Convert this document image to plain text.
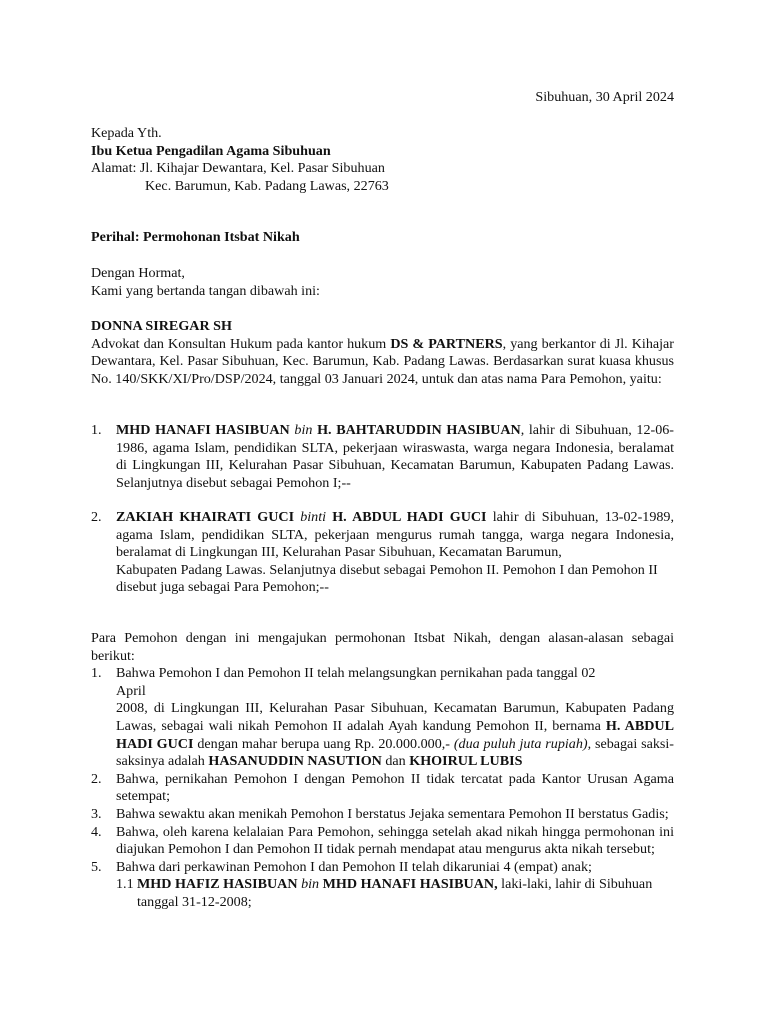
Sibuhuan, 30 April 2024

Kepada Yth.

Ibu Ketua Pengadilan Agama Sibuhuan

Alamat: Jl. Kihajar Dewantara, Kel. Pasar Sibuhuan

Kec. Barumun, Kab. Padang Lawas, 22763

Perihal: Permohonan Itsbat Nikah

Dengan Hormat,

Kami yang bertanda tangan dibawah ini:

DONNA SIREGAR SH

Advokat dan Konsultan Hukum pada kantor hukum DS & PARTNERS, yang berkantor di Jl. Kihajar Dewantara, Kel. Pasar Sibuhuan, Kec. Barumun, Kab. Padang Lawas. Berdasarkan surat kuasa khusus No. 140/SKK/XI/Pro/DSP/2024, tanggal 03 Januari 2024, untuk dan atas nama Para Pemohon, yaitu:

1. MHD HANAFI HASIBUAN bin H. BAHTARUDDIN HASIBUAN, lahir di Sibuhuan, 12-06-1986, agama Islam, pendidikan SLTA, pekerjaan wiraswasta, warga negara Indonesia, beralamat di Lingkungan III, Kelurahan Pasar Sibuhuan, Kecamatan Barumun, Kabupaten Padang Lawas. Selanjutnya disebut sebagai Pemohon I;--

2. ZAKIAH KHAIRATI GUCI binti H. ABDUL HADI GUCI lahir di Sibuhuan, 13-02-1989, agama Islam, pendidikan SLTA, pekerjaan mengurus rumah tangga, warga negara Indonesia, beralamat di Lingkungan III, Kelurahan Pasar Sibuhuan, Kecamatan Barumun,

Kabupaten Padang Lawas. Selanjutnya disebut sebagai Pemohon II. Pemohon I dan Pemohon II disebut juga sebagai Para Pemohon;--

Para Pemohon dengan ini mengajukan permohonan Itsbat Nikah, dengan alasan-alasan sebagai berikut:

1. Bahwa Pemohon I dan Pemohon II telah melangsungkan pernikahan pada tanggal 02

April

2008, di Lingkungan III, Kelurahan Pasar Sibuhuan, Kecamatan Barumun, Kabupaten Padang Lawas, sebagai wali nikah Pemohon II adalah Ayah kandung Pemohon II, bernama H. ABDUL HADI GUCI dengan mahar berupa uang Rp. 20.000.000,- (dua puluh juta rupiah), sebagai saksi-saksinya adalah HASANUDDIN NASUTION dan KHOIRUL LUBIS

2. Bahwa, pernikahan Pemohon I dengan Pemohon II tidak tercatat pada Kantor Urusan Agama setempat;

3. Bahwa sewaktu akan menikah Pemohon I berstatus Jejaka sementara Pemohon II berstatus Gadis;

4. Bahwa, oleh karena kelalaian Para Pemohon, sehingga setelah akad nikah hingga permohonan ini diajukan Pemohon I dan Pemohon II tidak pernah mendapat atau mengurus akta nikah tersebut;

5. Bahwa dari perkawinan Pemohon I dan Pemohon II telah dikaruniai 4 (empat) anak;

1.1 MHD HAFIZ HASIBUAN bin MHD HANAFI HASIBUAN, laki-laki, lahir di Sibuhuan tanggal 31-12-2008;
